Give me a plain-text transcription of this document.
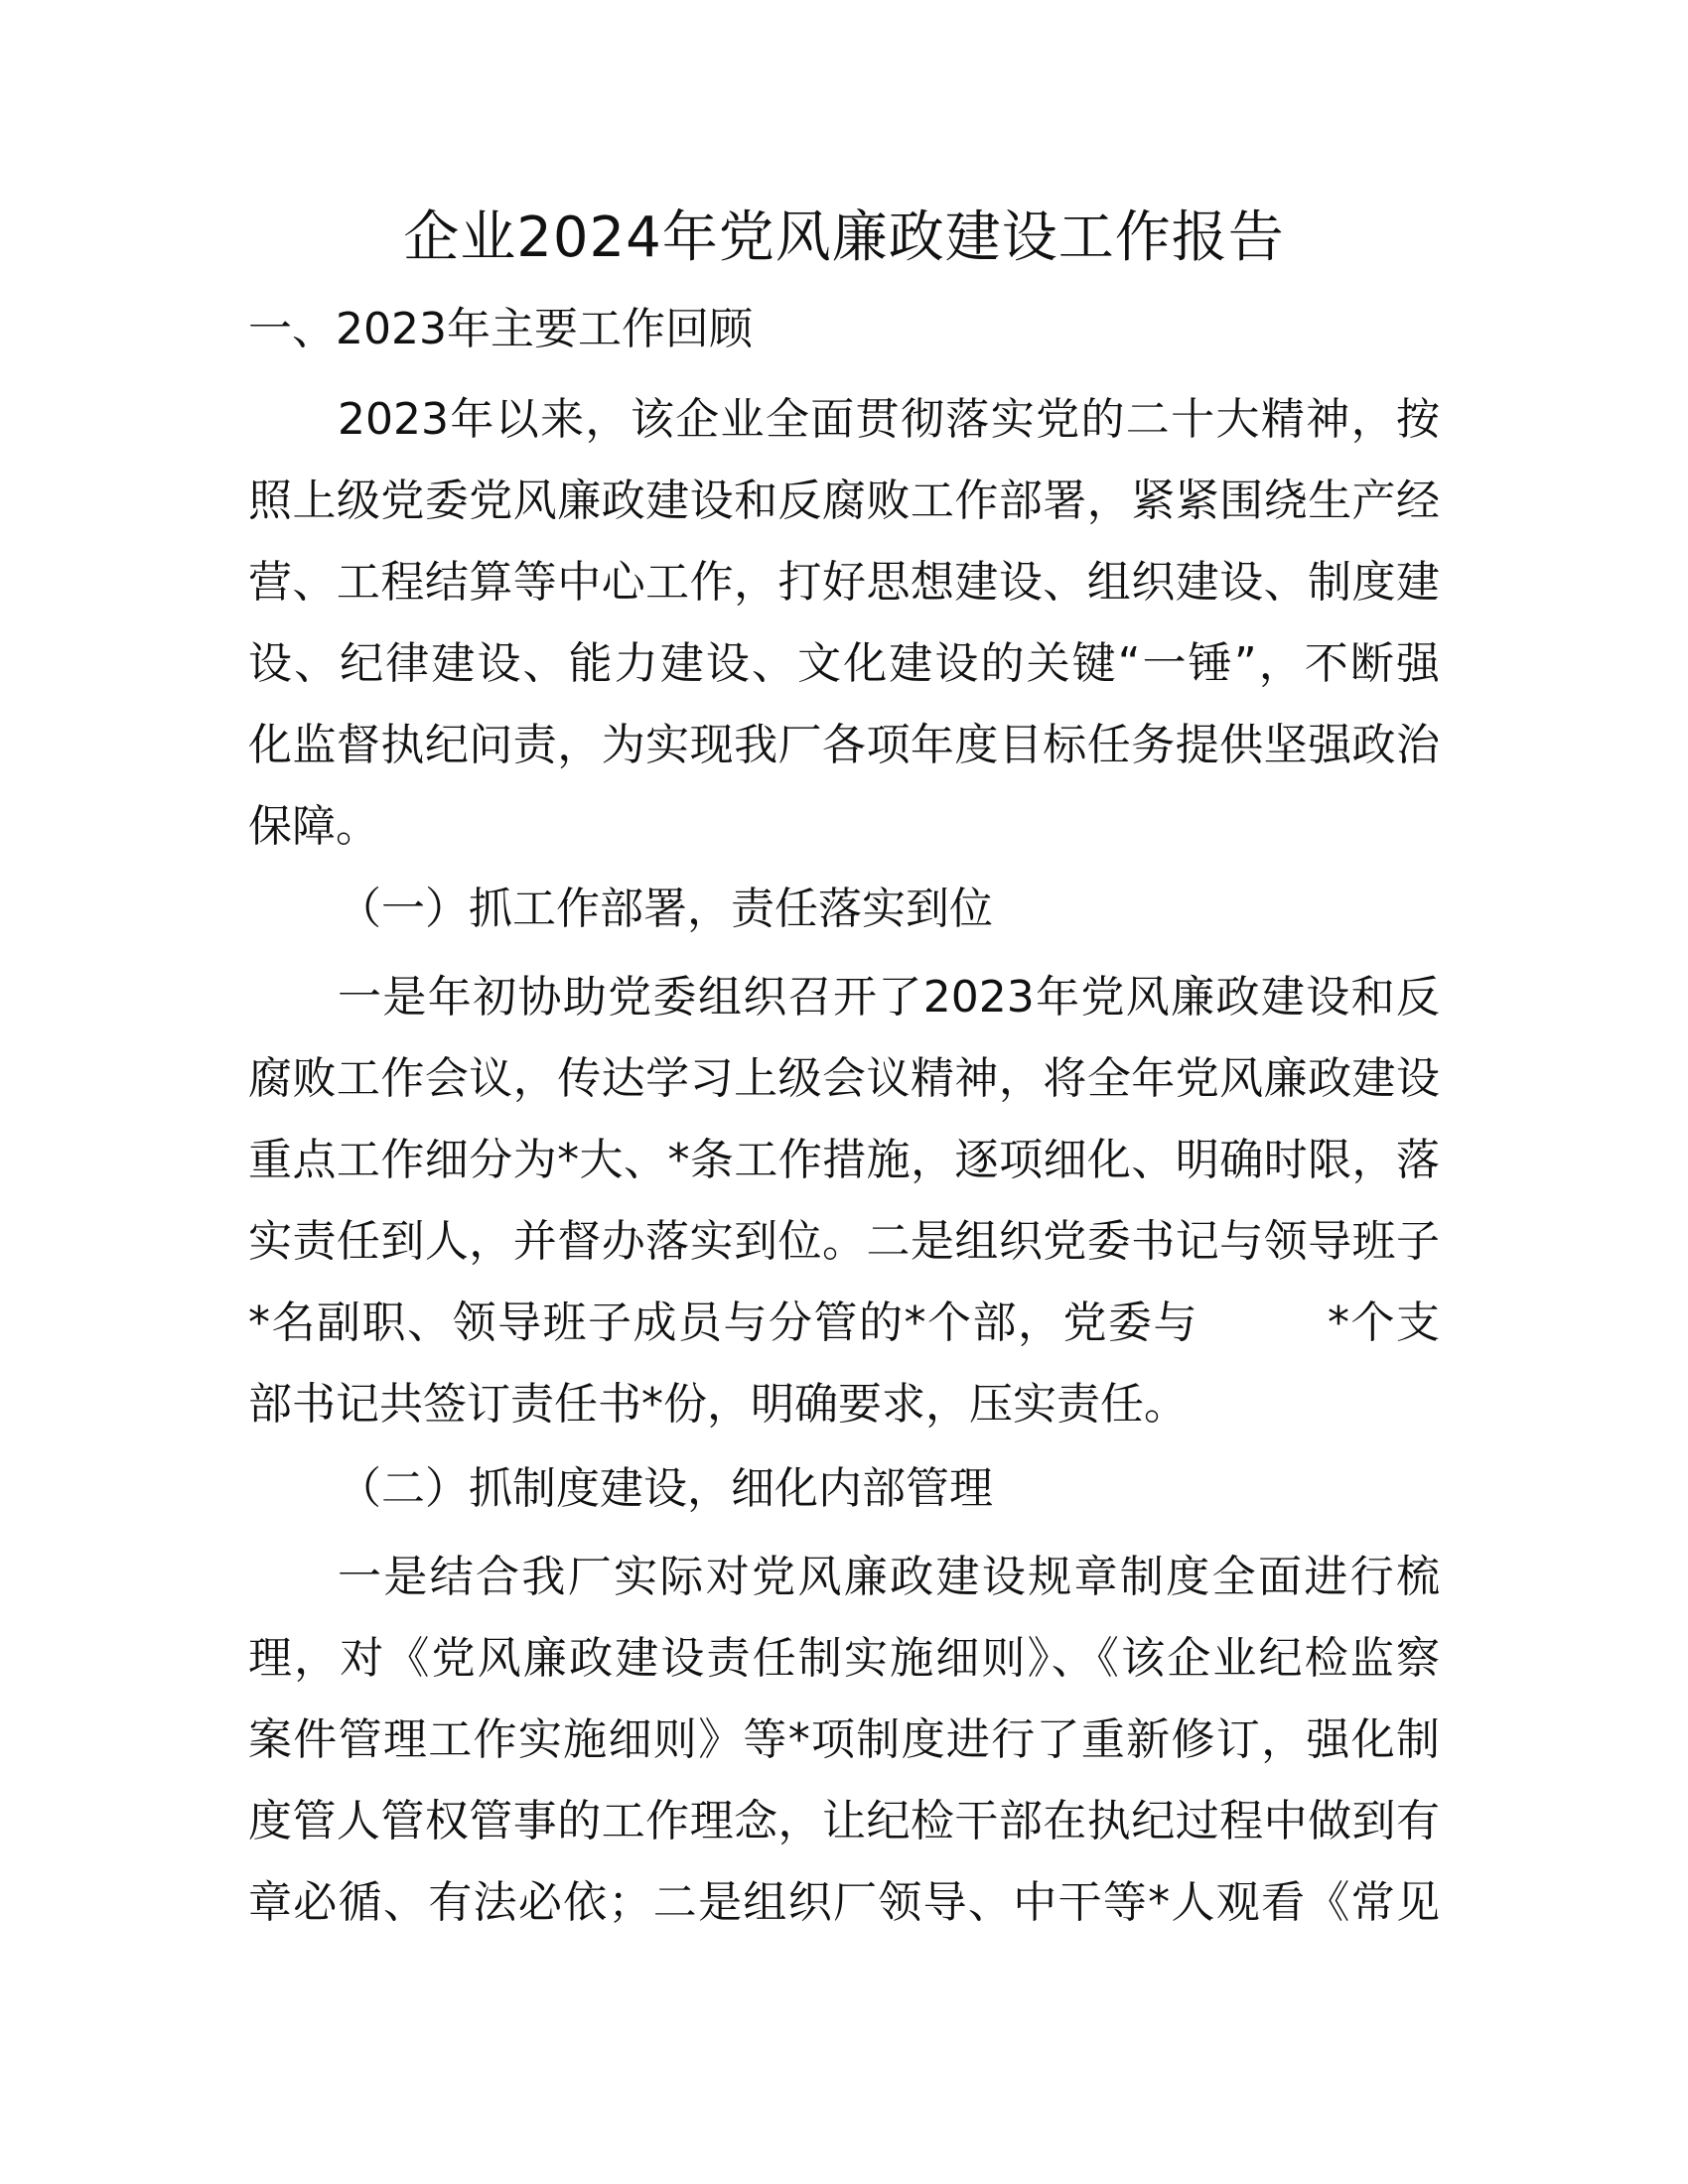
企业2024年党风廉政建设工作报告
一、2023年主要工作回顾
2023年以来，该企业全面贯彻落实党的二十大精神，按
照上级党委党风廉政建设和反腐败工作部署，紧紧围绕生产经
营、工程结算等中心工作，打好思想建设、组织建设、制度建
设、纪律建设、能力建设、文化建设的关键“一锤”，不断强
化监督执纪问责，为实现我厂各项年度目标任务提供坚强政治
保障。
（一）抓工作部署，责任落实到位
一是年初协助党委组织召开了2023年党风廉政建设和反
腐败工作会议，传达学习上级会议精神，将全年党风廉政建设
重点工作细分为*大、*条工作措施，逐项细化、明确时限，落
实责任到人，并督办落实到位。二是组织党委书记与领导班子
*名副职、领导班子成员与分管的*个部，党委与	*个支
部书记共签订责任书*份，明确要求，压实责任。
（二）抓制度建设，细化内部管理
一是结合我厂实际对党风廉政建设规章制度全面进行梳
理，对《党风廉政建设责任制实施细则》、《该企业纪检监察
案件管理工作实施细则》等*项制度进行了重新修订，强化制
度管人管权管事的工作理念，让纪检干部在执纪过程中做到有
章必循、有法必依；二是组织厂领导、中干等*人观看《常见
